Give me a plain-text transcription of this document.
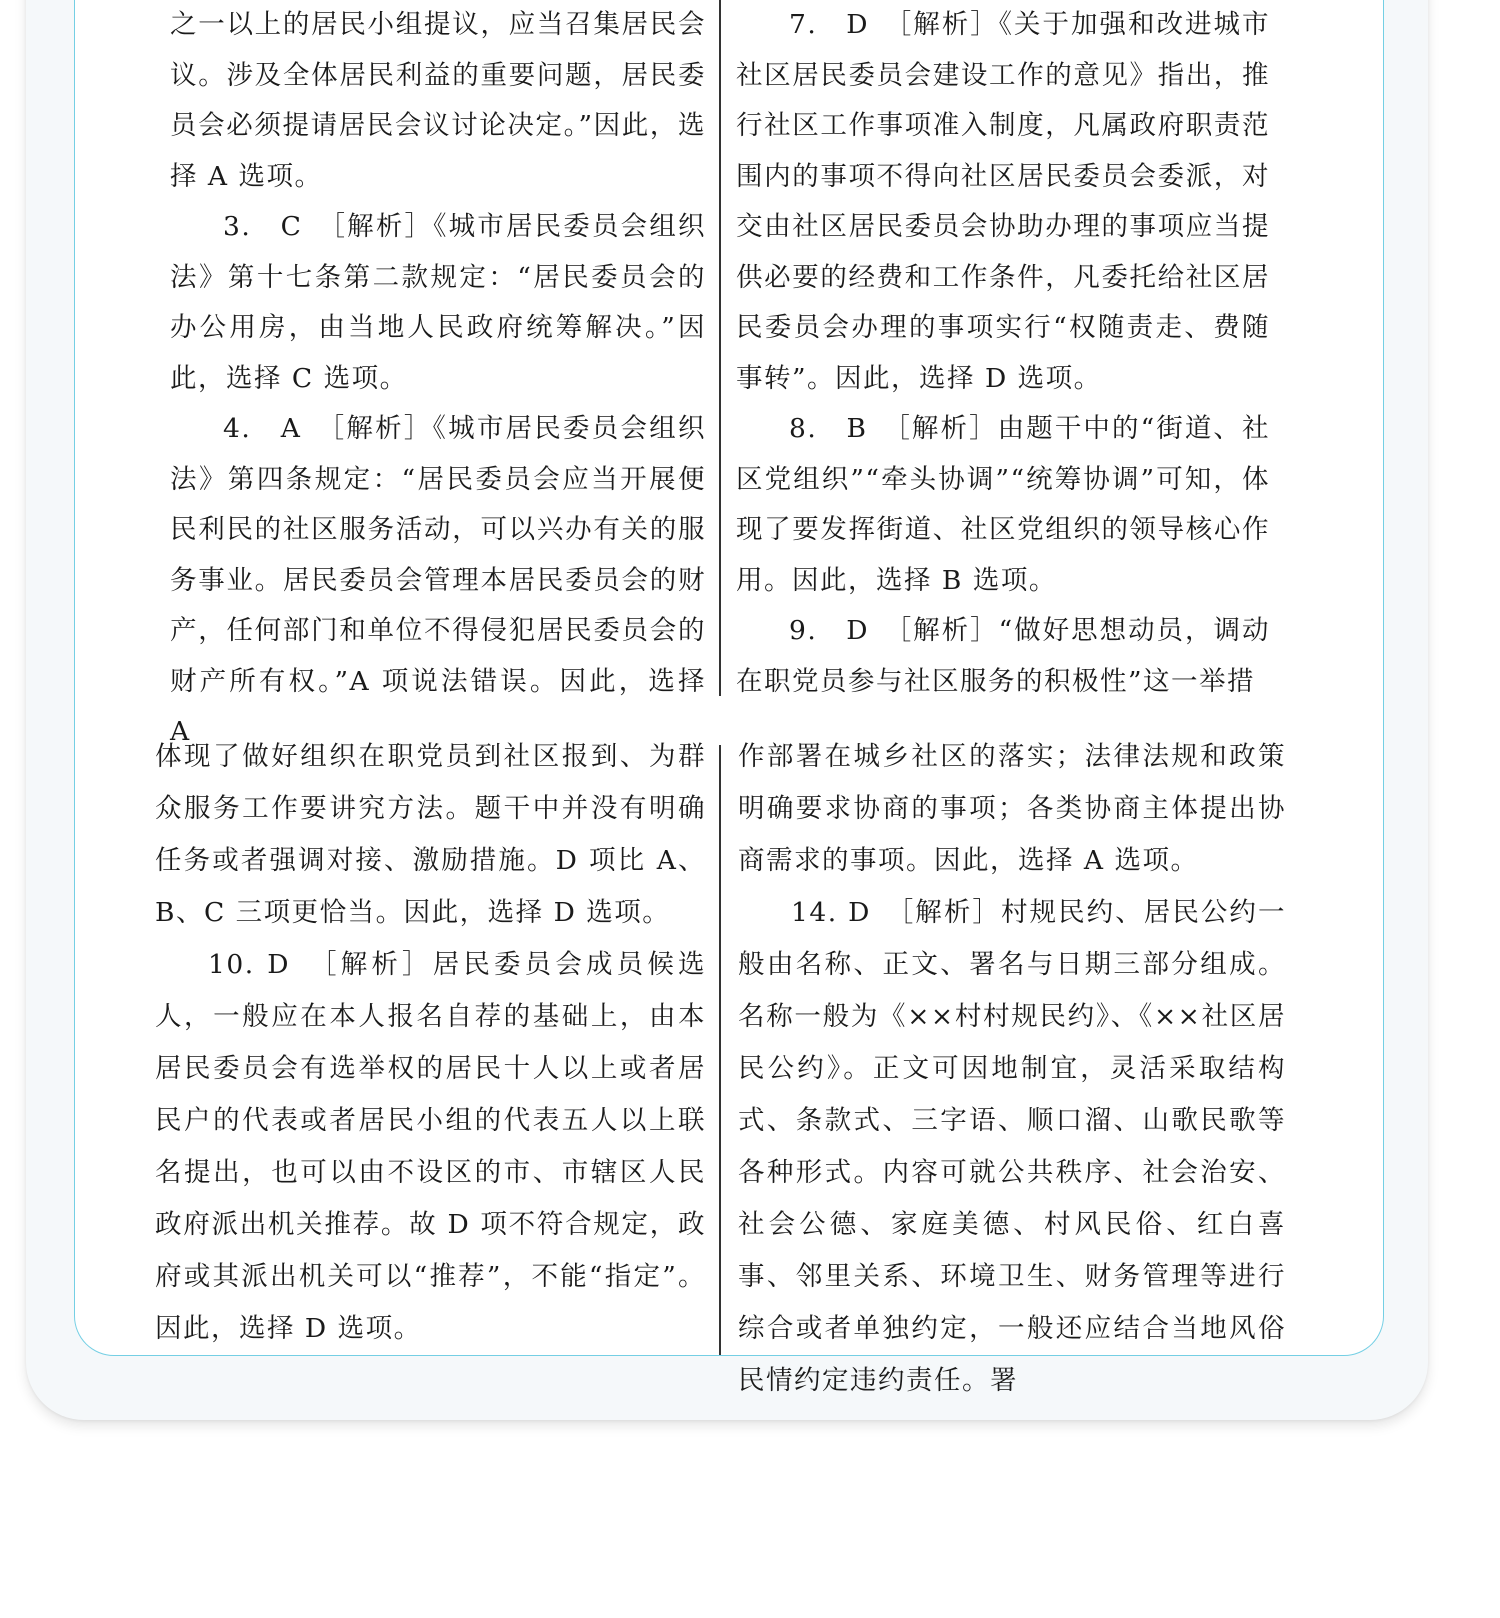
之一以上的居民小组提议，应当召集居民会议。涉及全体居民利益的重要问题，居民委员会必须提请居民会议讨论决定。”因此，选择 A 选项。

3.　C　［解析］《城市居民委员会组织法》第十七条第二款规定：“居民委员会的办公用房，由当地人民政府统筹解决。”因此，选择 C 选项。

4.　A　［解析］《城市居民委员会组织法》第四条规定：“居民委员会应当开展便民利民的社区服务活动，可以兴办有关的服务事业。居民委员会管理本居民委员会的财产，任何部门和单位不得侵犯居民委员会的财产所有权。”A 项说法错误。因此，选择 A

7.　D　［解析］《关于加强和改进城市社区居民委员会建设工作的意见》指出，推行社区工作事项准入制度，凡属政府职责范围内的事项不得向社区居民委员会委派，对交由社区居民委员会协助办理的事项应当提供必要的经费和工作条件，凡委托给社区居民委员会办理的事项实行“权随责走、费随事转”。因此，选择 D 选项。

8.　B　［解析］由题干中的“街道、社区党组织”“牵头协调”“统筹协调”可知，体现了要发挥街道、社区党组织的领导核心作用。因此，选择 B 选项。

9.　D　［解析］“做好思想动员，调动在职党员参与社区服务的积极性”这一举措

体现了做好组织在职党员到社区报到、为群众服务工作要讲究方法。题干中并没有明确任务或者强调对接、激励措施。D 项比 A、B、C 三项更恰当。因此，选择 D 选项。

10. D　［解析］居民委员会成员候选人，一般应在本人报名自荐的基础上，由本居民委员会有选举权的居民十人以上或者居民户的代表或者居民小组的代表五人以上联名提出，也可以由不设区的市、市辖区人民政府派出机关推荐。故 D 项不符合规定，政府或其派出机关可以“推荐”，不能“指定”。因此，选择 D 选项。

作部署在城乡社区的落实；法律法规和政策明确要求协商的事项；各类协商主体提出协商需求的事项。因此，选择 A 选项。

14. D　［解析］村规民约、居民公约一般由名称、正文、署名与日期三部分组成。名称一般为《××村村规民约》、《××社区居民公约》。正文可因地制宜，灵活采取结构式、条款式、三字语、顺口溜、山歌民歌等各种形式。内容可就公共秩序、社会治安、社会公德、家庭美德、村风民俗、红白喜事、邻里关系、环境卫生、财务管理等进行综合或者单独约定，一般还应结合当地风俗民情约定违约责任。署
